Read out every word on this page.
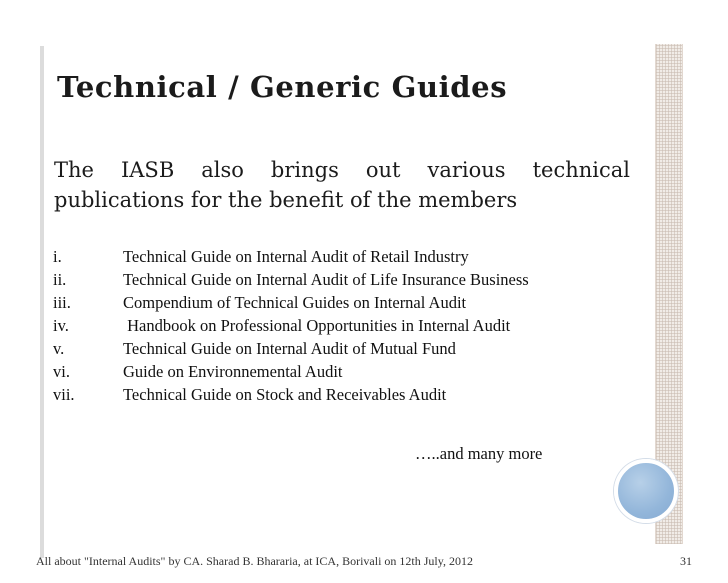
Technical / Generic Guides

The IASB also brings out various technical
publications for the benefit of the members

i.	Technical Guide on Internal Audit of Retail Industry
ii.	Technical Guide on Internal Audit of Life Insurance Business
iii.	Compendium of Technical Guides on Internal Audit
iv.	Handbook on Professional Opportunities in Internal Audit
v.	Technical Guide on Internal Audit of Mutual Fund
vi.	Guide on Environnemental Audit
vii.	Technical Guide on Stock and Receivables Audit

…..and many more

All about "Internal Audits" by CA. Sharad B. Bhararia, at ICA, Borivali on 12th July, 2012	31
